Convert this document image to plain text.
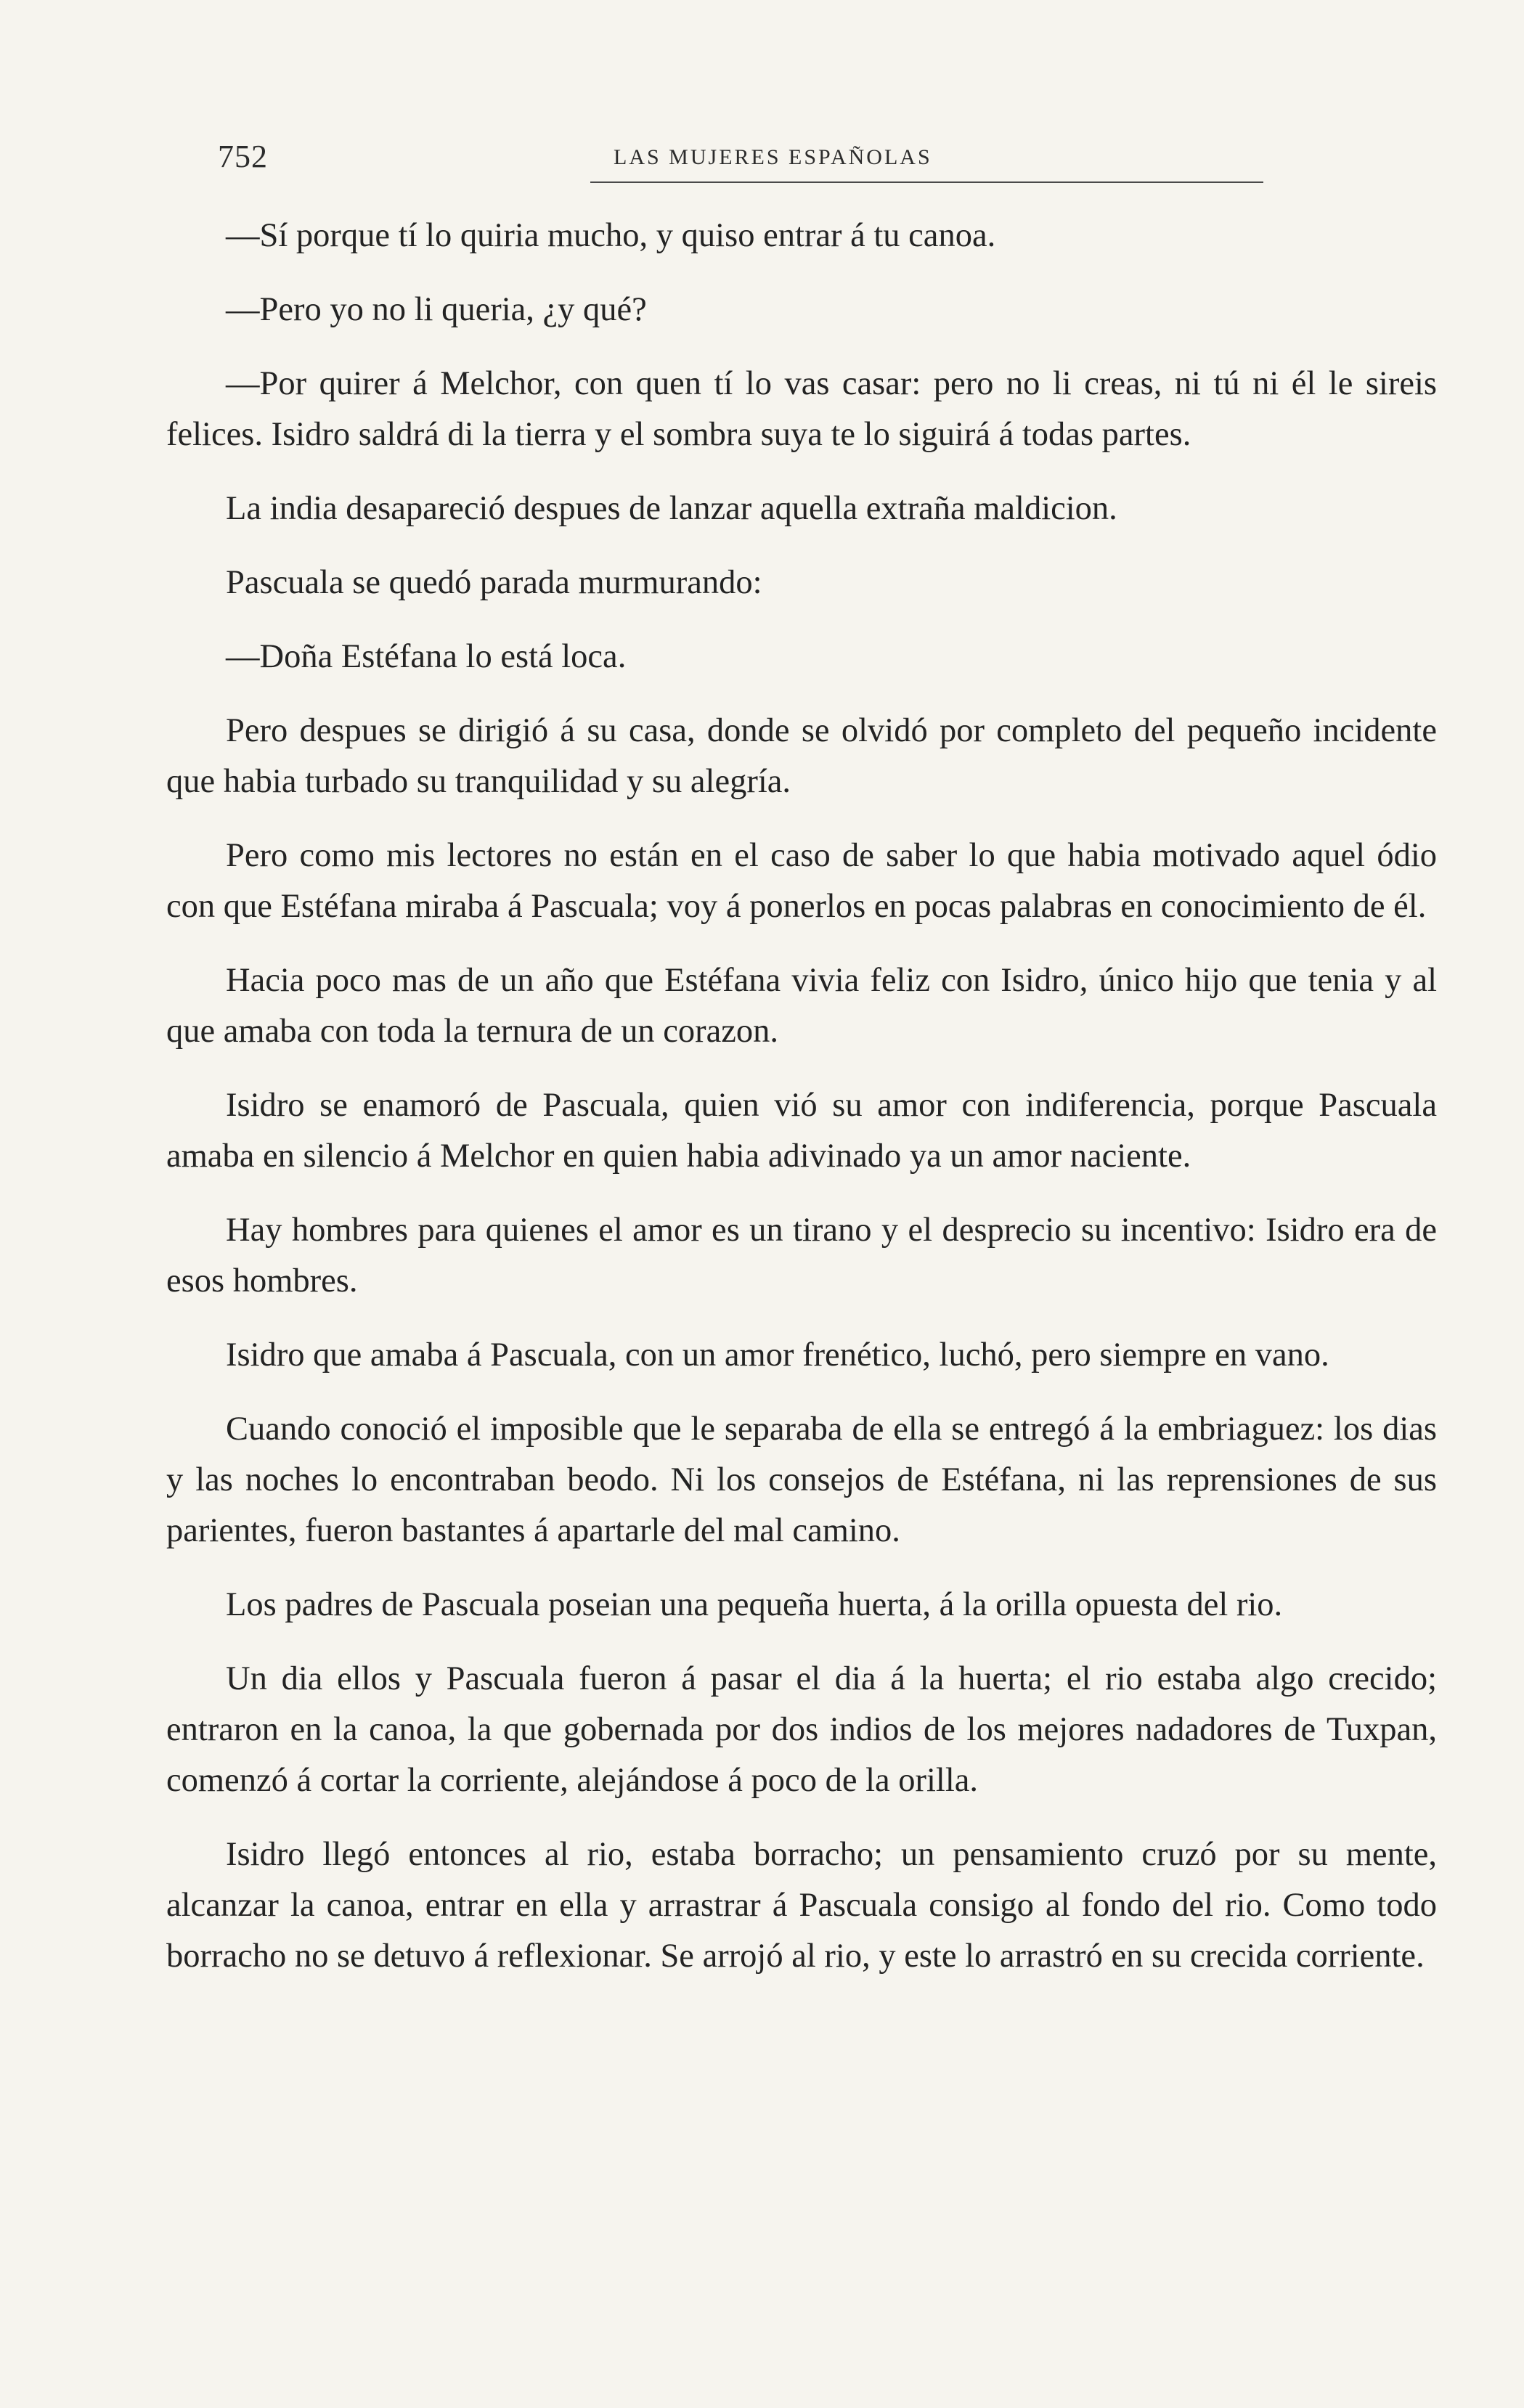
752	LAS MUJERES ESPAÑOLAS

—Sí porque tí lo quiria mucho, y quiso entrar á tu canoa.

—Pero yo no li queria, ¿y qué?

—Por quirer á Melchor, con quen tí lo vas casar: pero no li creas, ni tú ni él le sireis felices. Isidro saldrá di la tierra y el sombra suya te lo siguirá á todas partes.

La india desapareció despues de lanzar aquella extraña maldicion.

Pascuala se quedó parada murmurando:

—Doña Estéfana lo está loca.

Pero despues se dirigió á su casa, donde se olvidó por completo del pequeño incidente que habia turbado su tranquilidad y su alegría.

Pero como mis lectores no están en el caso de saber lo que habia motivado aquel ódio con que Estéfana miraba á Pascuala; voy á ponerlos en pocas palabras en conocimiento de él.

Hacia poco mas de un año que Estéfana vivia feliz con Isidro, único hijo que tenia y al que amaba con toda la ternura de un corazon.

Isidro se enamoró de Pascuala, quien vió su amor con indiferencia, porque Pascuala amaba en silencio á Melchor en quien habia adivinado ya un amor naciente.

Hay hombres para quienes el amor es un tirano y el desprecio su incentivo: Isidro era de esos hombres.

Isidro que amaba á Pascuala, con un amor frenético, luchó, pero siempre en vano.

Cuando conoció el imposible que le separaba de ella se entregó á la embriaguez: los dias y las noches lo encontraban beodo. Ni los consejos de Estéfana, ni las reprensiones de sus parientes, fueron bastantes á apartarle del mal camino.

Los padres de Pascuala poseian una pequeña huerta, á la orilla opuesta del rio.

Un dia ellos y Pascuala fueron á pasar el dia á la huerta; el rio estaba algo crecido; entraron en la canoa, la que gobernada por dos indios de los mejores nadadores de Tuxpan, comenzó á cortar la corriente, alejándose á poco de la orilla.

Isidro llegó entonces al rio, estaba borracho; un pensamiento cruzó por su mente, alcanzar la canoa, entrar en ella y arrastrar á Pascuala consigo al fondo del rio. Como todo borracho no se detuvo á reflexionar. Se arrojó al rio, y este lo arrastró en su crecida corriente.
